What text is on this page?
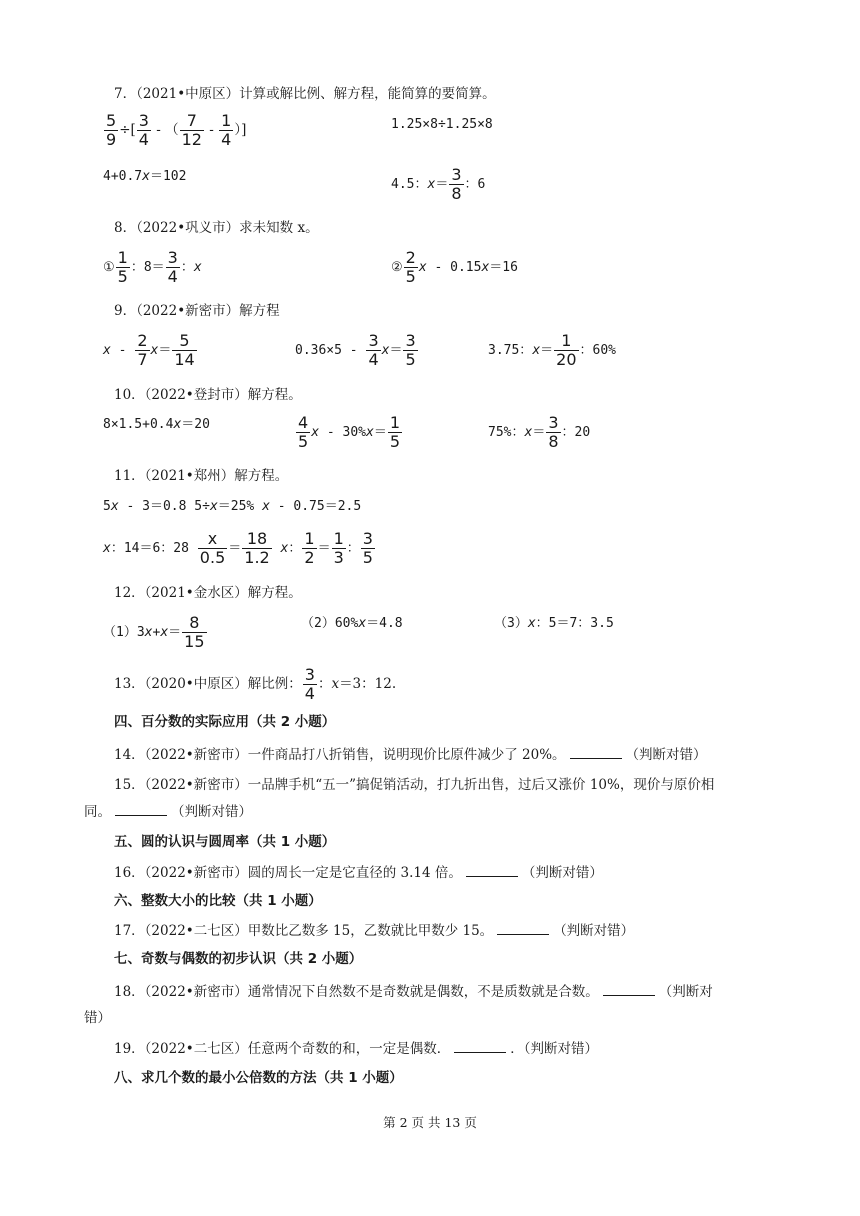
7．（2021•中原区）计算或解比例、解方程，能简算的要简算。
$\frac{5}{9}$ ÷[ $\frac{3}{4}$ - （ $\frac{7}{12} - \frac{1}{4}$ ）]	1.25×8÷1.25×8
4+0.7x＝102
4.5：$x= \frac{3}{8}$ ：6
8．（2022•巩义市）求未知数 x。
① $\frac{1}{5}$ ：$8= \frac{3}{4}$ ：x	② $\frac{2}{5}$ x - 0.15x＝16
9．（2022•新密市）解方程
$x - \frac{2}{7} x= \frac{5}{14}$	$0.36\times 5 - \frac{3}{4} x= \frac{3}{5}$	3.75：$x= \frac{1}{20}$ ：60%
10．（2022•登封市）解方程。
8×1.5+0.4x＝20	$\frac{4}{5}$ $x - 30\%x= \frac{1}{5}$	75%：$x= \frac{3}{8}$ ：20
11．（2021•郑州）解方程。
5x - 3＝0.8 5÷x＝25% x - 0.75＝2.5
x：14＝6：$28 \frac{x}{0.5} = \frac{18}{1.2}$ x： $\frac{1}{2} = \frac{1}{3}$ ： $\frac{3}{5}$
12．（2021•金水区）解方程。
$(1)3x+x= \frac{8}{15}$	（2）60%x＝4.8	（3）x：5＝7：3.5
13．（2020•中原区）解比例： $\frac{3}{4}$ ：x＝3：12.
四、百分数的实际应用（共 2 小题）
14．（2022•新密市）一件商品打八折销售，说明现价比原件减少了 20%。	（判断对错）
15．（2022•新密市）一品牌手机“五一”搞促销活动，打九折出售，过后又涨价 10%，现价与原价相
同。	（判断对错）
五、圆的认识与圆周率（共 1 小题）
16．（2022•新密市）圆的周长一定是它直径的 3.14 倍。	（判断对错）
六、整数大小的比较（共 1 小题）
17．（2022•二七区）甲数比乙数多 15，乙数就比甲数少 15。	（判断对错）
七、奇数与偶数的初步认识（共 2 小题）
18．（2022•新密市）通常情况下自然数不是奇数就是偶数，不是质数就是合数。	（判断对
错）
19．（2022•二七区）任意两个奇数的和，一定是偶数．	．（判断对错）
八、求几个数的最小公倍数的方法（共 1 小题）
第 2 页 共 13 页
